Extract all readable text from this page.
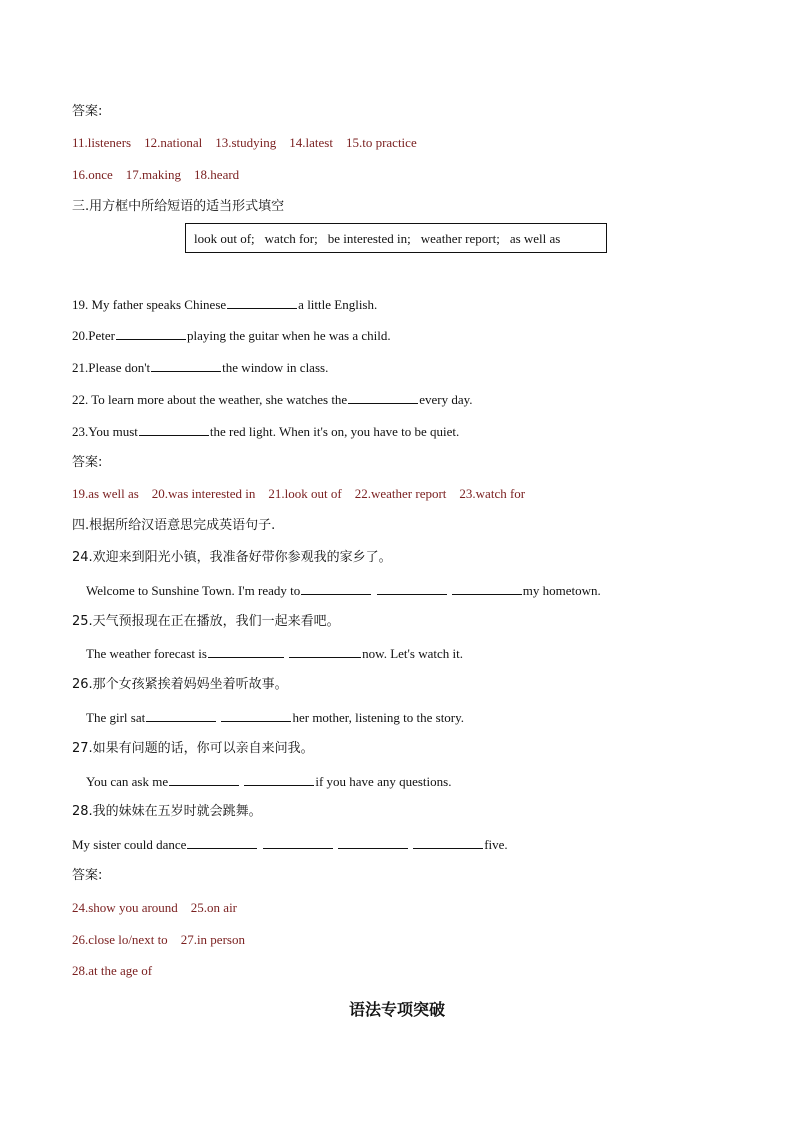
答案:
11.listeners 12.national 13.studying 14.latest 15.to practice
16.once 17.making 18.heard
三.用方框中所给短语的适当形式填空
look out of; watch for; be interested in; weather report; as well as
19. My father speaks Chinese	a little English.
20.Peter	playing the guitar when he was a child.
21.Please don't	the window in class.
22. To learn more about the weather, she watches the	every day.
23.You must	the red light. When it's on, you have to be quiet.
答案:
19.as well as 20.was interested in 21.look out of 22.weather report 23.watch for
四.根据所给汉语意思完成英语句子.
24.欢迎来到阳光小镇，我准备好带你参观我的家乡了。
Welcome to Sunshine Town. I'm ready to	my hometown.
25.天气预报现在正在播放，我们一起来看吧。
The weather forecast is	now. Let's watch it.
26.那个女孩紧挨着妈妈坐着听故事。
The girl sat	her mother, listening to the story.
27.如果有问题的话，你可以亲自来问我。
You can ask me	if you have any questions.
28.我的妹妹在五岁时就会跳舞。
My sister could dance	five.
答案:
24.show you around 25.on air
26.close lo/next to 27.in person
28.at the age of
语法专项突破
